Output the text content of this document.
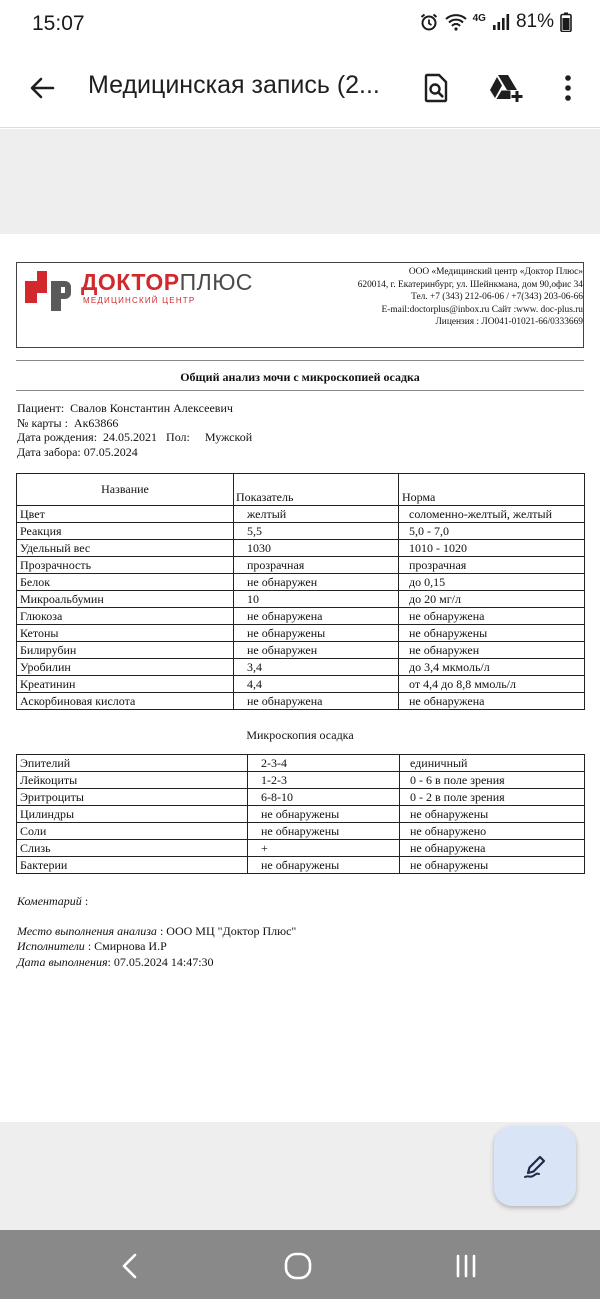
15:07	4G 81%
Медицинская запись (2...
ДОКТОРПЛЮС
МЕДИЦИНСКИЙ ЦЕНТР
ООО «Медицинский центр «Доктор Плюс»
620014, г. Екатеринбург, ул. Шейнкмана, дом 90,офис 34
Тел. +7 (343) 212-06-06 / +7(343) 203-06-66
E-mail:doctorplus@inbox.ru Сайт :www. doc-plus.ru
Лицензия : ЛО041-01021-66/0333669
Общий анализ мочи с микроскопией осадка
Пациент:  Свалов Константин Алексеевич
№ карты :  Ак63866
Дата рождения:  24.05.2021   Пол:     Мужской
Дата забора: 07.05.2024
Название	Показатель	Норма
Цвет	желтый	соломенно-желтый, желтый
Реакция	5,5	5,0 - 7,0
Удельный вес	1030	1010 - 1020
Прозрачность	прозрачная	прозрачная
Белок	не обнаружен	до 0,15
Микроальбумин	10	до 20 мг/л
Глюкоза	не обнаружена	не обнаружена
Кетоны	не обнаружены	не обнаружены
Билирубин	не обнаружен	не обнаружен
Уробилин	3,4	до 3,4 мкмоль/л
Креатинин	4,4	от 4,4 до 8,8 ммоль/л
Аскорбиновая кислота	не обнаружена	не обнаружена
Микроскопия осадка
Эпителий	2-3-4	единичный
Лейкоциты	1-2-3	0 - 6 в поле зрения
Эритроциты	6-8-10	0 - 2 в поле зрения
Цилиндры	не обнаружены	не обнаружены
Соли	не обнаружены	не обнаружено
Слизь	+	не обнаружена
Бактерии	не обнаружены	не обнаружены
Коментарий :
Место выполнения анализа : ООО МЦ "Доктор Плюс"
Исполнители : Смирнова И.Р
Дата выполнения: 07.05.2024 14:47:30
